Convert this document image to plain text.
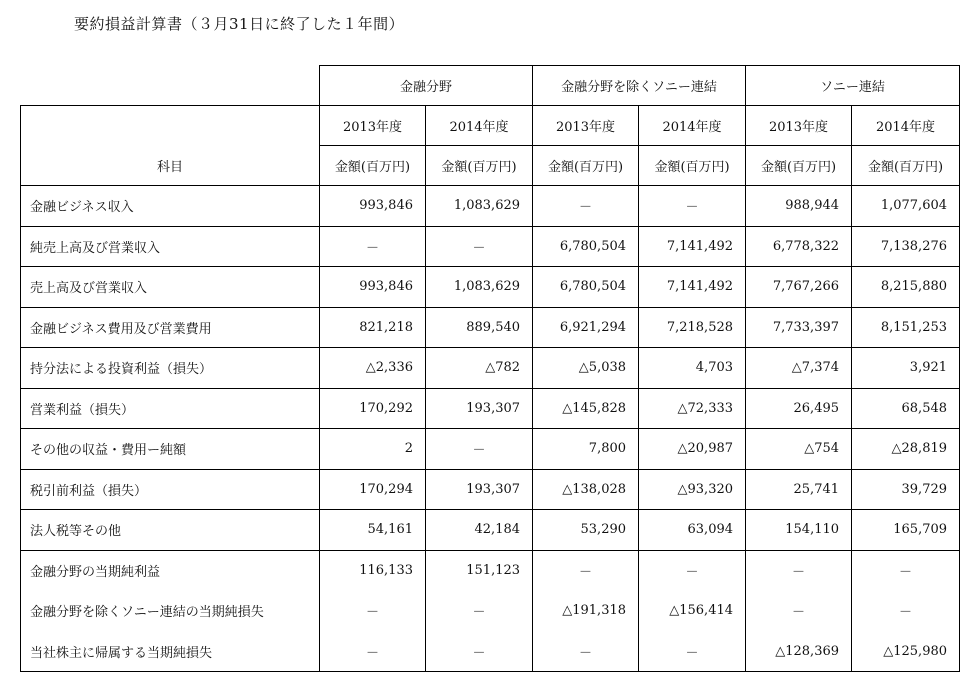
要約損益計算書（３月31日に終了した１年間）
	金融分野		金融分野を除くソニー連結		ソニー連結	
	2013年度	2014年度	2013年度	2014年度	2013年度	2014年度
科目	金額(百万円)	金額(百万円)	金額(百万円)	金額(百万円)	金額(百万円)	金額(百万円)
金融ビジネス収入	993,846	1,083,629	－	－	988,944	1,077,604
純売上高及び営業収入	－	－	6,780,504	7,141,492	6,778,322	7,138,276
売上高及び営業収入	993,846	1,083,629	6,780,504	7,141,492	7,767,266	8,215,880
金融ビジネス費用及び営業費用	821,218	889,540	6,921,294	7,218,528	7,733,397	8,151,253
持分法による投資利益（損失）	△2,336	△782	△5,038	4,703	△7,374	3,921
営業利益（損失）	170,292	193,307	△145,828	△72,333	26,495	68,548
その他の収益・費用ー純額	2	－	7,800	△20,987	△754	△28,819
税引前利益（損失）	170,294	193,307	△138,028	△93,320	25,741	39,729
法人税等その他	54,161	42,184	53,290	63,094	154,110	165,709
金融分野の当期純利益	116,133	151,123	－	－	－	－
金融分野を除くソニー連結の当期純損失	－	－	△191,318	△156,414	－	－
当社株主に帰属する当期純損失	－	－	－	－	△128,369	△125,980
